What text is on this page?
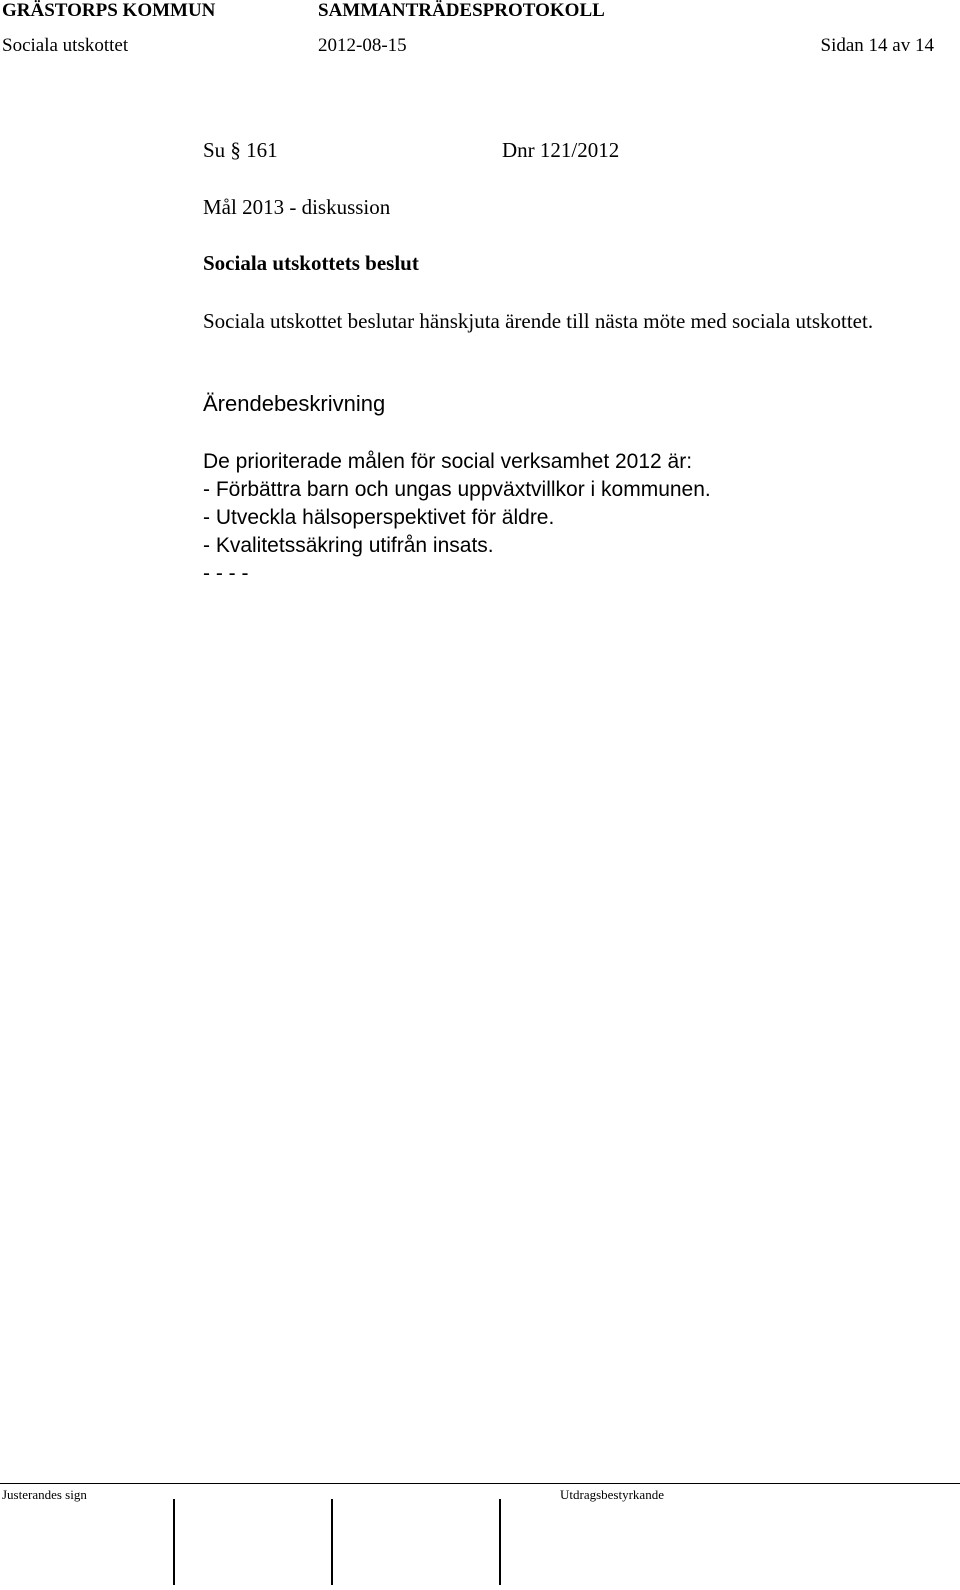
GRÄSTORPS KOMMUN	SAMMANTRÄDESPROTOKOLL
Sociala utskottet	2012-08-15	Sidan 14 av 14
Su § 161	Dnr 121/2012
Mål 2013 - diskussion
Sociala utskottets beslut
Sociala utskottet beslutar hänskjuta ärende till nästa möte med sociala utskottet.
Ärendebeskrivning
De prioriterade målen för social verksamhet 2012 är:
- Förbättra barn och ungas uppväxtvillkor i kommunen.
- Utveckla hälsoperspektivet för äldre.
- Kvalitetssäkring utifrån insats.
- - - -
Justerandes sign	Utdragsbestyrkande
